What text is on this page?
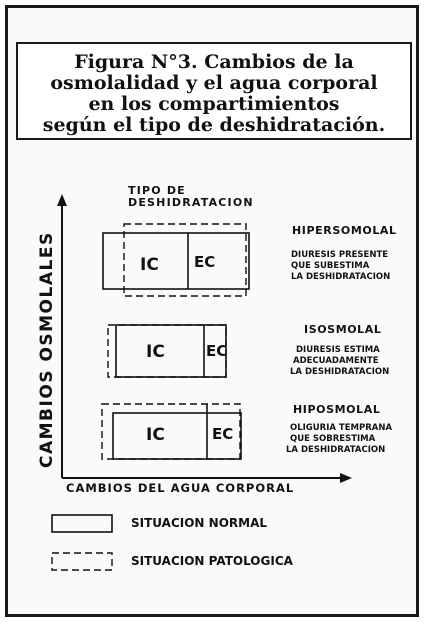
Figura N°3. Cambios de la
osmolalidad y el agua corporal
en los compartimientos
según el tipo de deshidratación.
CAMBIOS OSMOLALES
CAMBIOS DEL AGUA CORPORAL
TIPO DE
DESHIDRATACION
IC EC
HIPERSOMOLAL
DIURESIS PRESENTE
QUE SUBESTIMA
LA DESHIDRATACION
IC	EC
ISOSMOLAL
DIURESIS ESTIMA
ADECUADAMENTE
LA DESHIDRATACION
IC	EC
HIPOSMOLAL
OLIGURIA TEMPRANA
QUE SOBRESTIMA
LA DESHIDRATACION
SITUACION NORMAL
SITUACION PATOLOGICA
